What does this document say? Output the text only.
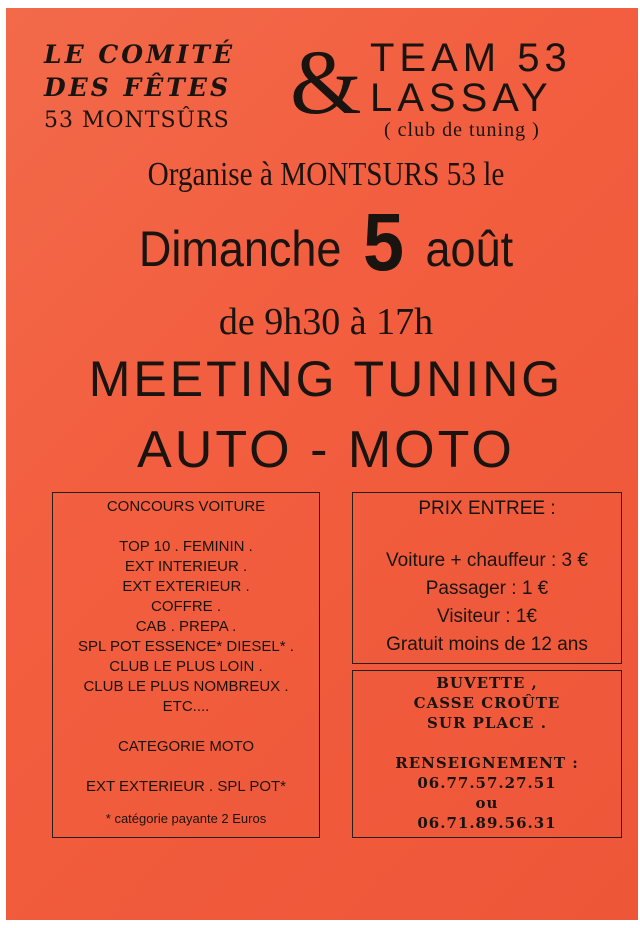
LE COMITÉ
DES FÊTES
53 MONTSÛRS & TEAM 53
LASSAY
( club de tuning )
Organise à MONTSURS 53 le
Dimanche 5 août
de 9h30 à 17h
MEETING TUNING
AUTO - MOTO
CONCOURS VOITURE
TOP 10 . FEMININ .
EXT INTERIEUR .
EXT EXTERIEUR .
COFFRE .
CAB . PREPA .
SPL POT ESSENCE* DIESEL* .
CLUB LE PLUS LOIN .
CLUB LE PLUS NOMBREUX .
ETC....
CATEGORIE MOTO
EXT EXTERIEUR . SPL POT*
* catégorie payante 2 Euros
PRIX ENTREE :
Voiture + chauffeur : 3 €
Passager : 1 €
Visiteur : 1€
Gratuit moins de 12 ans
BUVETTE ,
CASSE CROÛTE
SUR PLACE .
RENSEIGNEMENT :
06.77.57.27.51
ou
06.71.89.56.31
